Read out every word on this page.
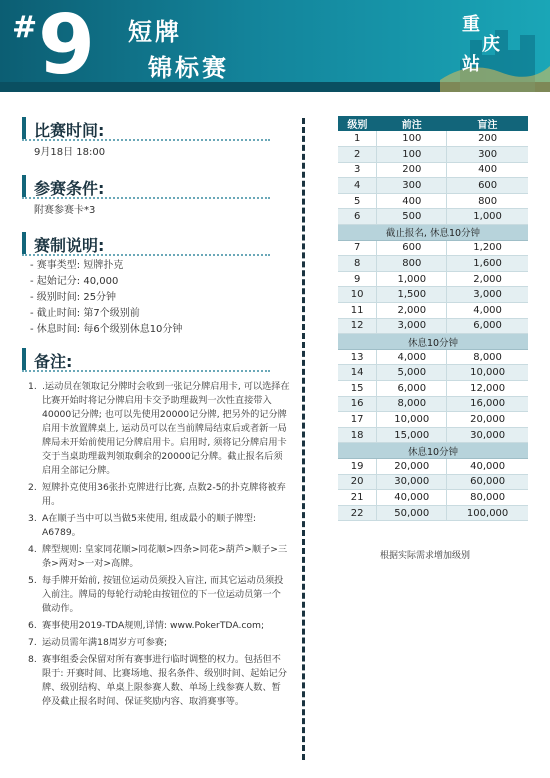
# 9 短牌
锦标赛
重
庆
站
比赛时间:
9月18日 18:00
参赛条件:
附赛参赛卡*3
赛制说明:
- 赛事类型: 短牌扑克
- 起始记分: 40,000
- 级别时间: 25分钟
- 截止时间: 第7个级别前
- 休息时间: 每6个级别休息10分钟
备注:
1. .运动员在领取记分牌时会收到一张记分牌启用卡, 可以选择在比赛开始时将记分牌启用卡交予助理裁判一次性直接带入40000记分牌; 也可以先使用20000记分牌, 把另外的记分牌启用卡放置牌桌上, 运动员可以在当前牌局结束后或者新一局牌局未开始前使用记分牌启用卡。启用时, 须将记分牌启用卡交于当桌助理裁判领取剩余的20000记分牌。截止报名后须启用全部记分牌。
2. 短牌扑克使用36张扑克牌进行比赛, 点数2-5的扑克牌将被弃用。
3. A在顺子当中可以当做5来使用, 组成最小的顺子牌型: A6789。
4. 牌型规则: 皇家同花顺>同花顺>四条>同花>葫芦>顺子>三条>两对>一对>高牌。
5. 每手牌开始前, 按钮位运动员须投入盲注, 而其它运动员须投入前注。牌局的每轮行动轮由按钮位的下一位运动员第一个做动作。
6. 赛事使用2019-TDA规则,详情: www.PokerTDA.com;
7. 运动员需年满18周岁方可参赛;
8. 赛事组委会保留对所有赛事进行临时调整的权力。包括但不限于: 开赛时间、比赛场地、报名条件、级别时间、起始记分牌、级别结构、单桌上限参赛人数、单场上线参赛人数、暂停及截止报名时间、保证奖励内容、取消赛事等。
级别	前注	盲注
1	100	200
2	100	300
3	200	400
4	300	600
5	400	800
6	500	1,000
截止报名, 休息10分钟		
7	600	1,200
8	800	1,600
9	1,000	2,000
10	1,500	3,000
11	2,000	4,000
12	3,000	6,000
休息10分钟		
13	4,000	8,000
14	5,000	10,000
15	6,000	12,000
16	8,000	16,000
17	10,000	20,000
18	15,000	30,000
休息10分钟		
19	20,000	40,000
20	30,000	60,000
21	40,000	80,000
22	50,000	100,000
根据实际需求增加级别
